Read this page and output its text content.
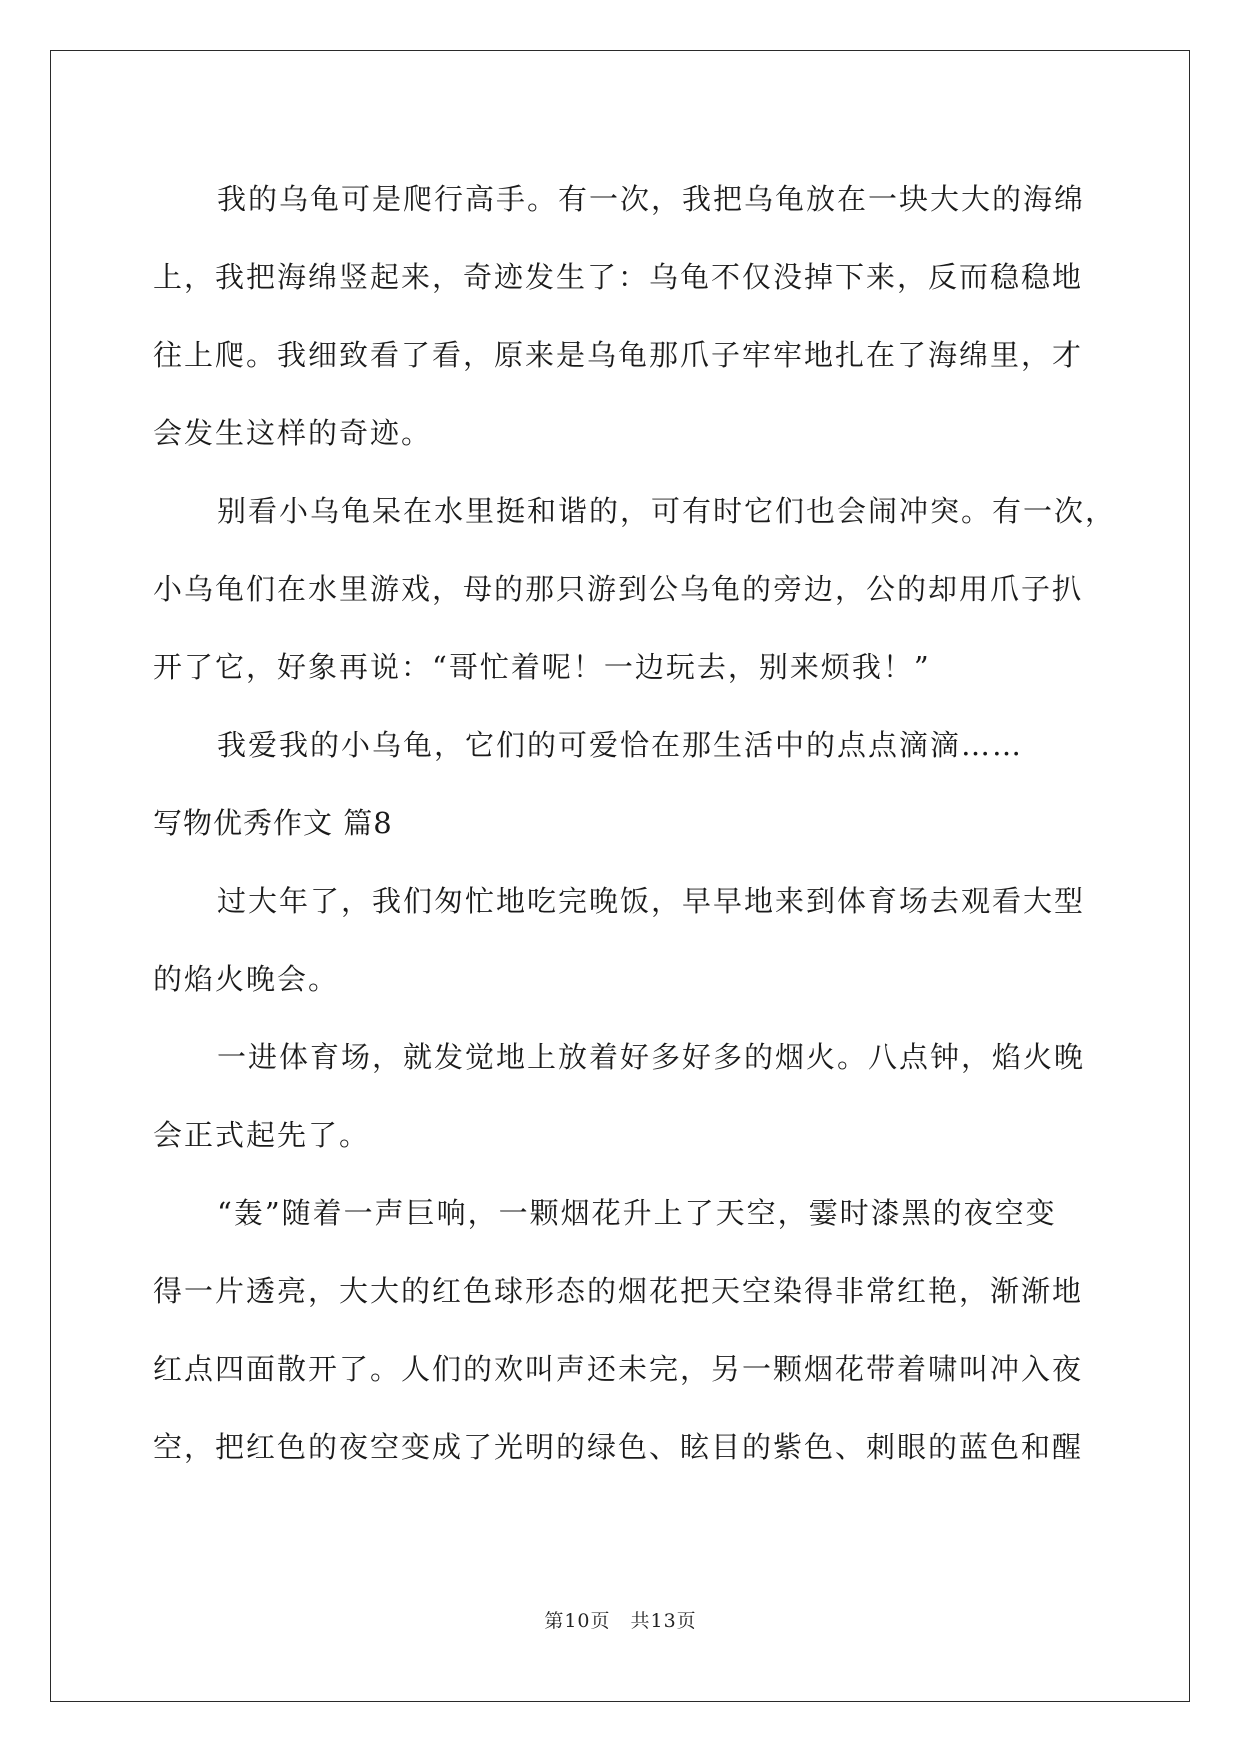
我的乌龟可是爬行高手。有一次，我把乌龟放在一块大大的海绵
上，我把海绵竖起来，奇迹发生了：乌龟不仅没掉下来，反而稳稳地
往上爬。我细致看了看，原来是乌龟那爪子牢牢地扎在了海绵里，才
会发生这样的奇迹。
别看小乌龟呆在水里挺和谐的，可有时它们也会闹冲突。有一次，
小乌龟们在水里游戏，母的那只游到公乌龟的旁边，公的却用爪子扒
开了它，好象再说：“哥忙着呢！一边玩去，别来烦我！”
我爱我的小乌龟，它们的可爱恰在那生活中的点点滴滴……
写物优秀作文 篇8
过大年了，我们匆忙地吃完晚饭，早早地来到体育场去观看大型
的焰火晚会。
一进体育场，就发觉地上放着好多好多的烟火。八点钟，焰火晚
会正式起先了。
“轰”随着一声巨响，一颗烟花升上了天空，霎时漆黑的夜空变
得一片透亮，大大的红色球形态的烟花把天空染得非常红艳，渐渐地
红点四面散开了。人们的欢叫声还未完，另一颗烟花带着啸叫冲入夜
空，把红色的夜空变成了光明的绿色、眩目的紫色、刺眼的蓝色和醒
第10页　共13页
